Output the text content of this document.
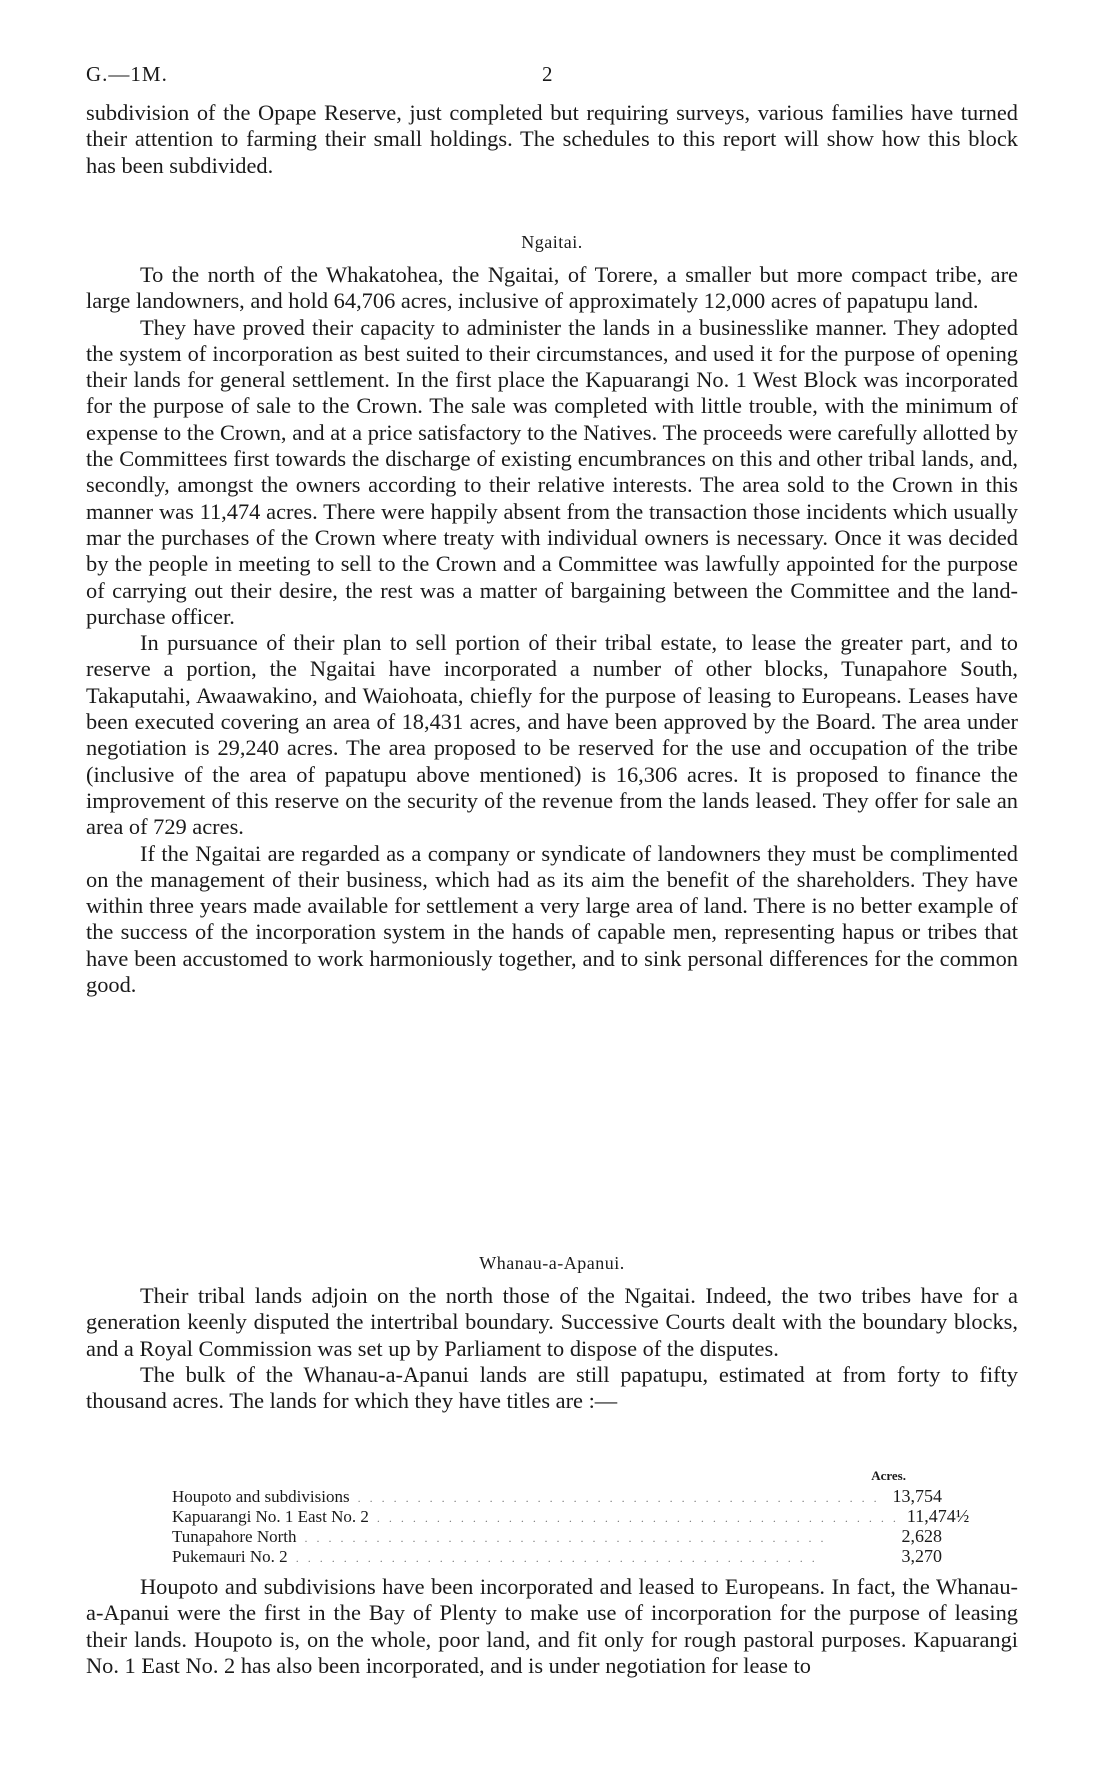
G.—1M.	2

subdivision of the Opape Reserve, just completed but requiring surveys, various families have turned their attention to farming their small holdings. The schedules to this report will show how this block has been subdivided.

Ngaitai.

To the north of the Whakatohea, the Ngaitai, of Torere, a smaller but more compact tribe, are large landowners, and hold 64,706 acres, inclusive of approximately 12,000 acres of papatupu land.

They have proved their capacity to administer the lands in a businesslike manner. They adopted the system of incorporation as best suited to their circumstances, and used it for the purpose of opening their lands for general settlement. In the first place the Kapuarangi No. 1 West Block was incorporated for the purpose of sale to the Crown. The sale was completed with little trouble, with the minimum of expense to the Crown, and at a price satisfactory to the Natives. The proceeds were carefully allotted by the Committees first towards the discharge of existing encumbrances on this and other tribal lands, and, secondly, amongst the owners according to their relative interests. The area sold to the Crown in this manner was 11,474 acres. There were happily absent from the transaction those incidents which usually mar the purchases of the Crown where treaty with individual owners is necessary. Once it was decided by the people in meeting to sell to the Crown and a Committee was lawfully appointed for the purpose of carrying out their desire, the rest was a matter of bargaining between the Committee and the land-purchase officer.

In pursuance of their plan to sell portion of their tribal estate, to lease the greater part, and to reserve a portion, the Ngaitai have incorporated a number of other blocks, Tunapahore South, Takaputahi, Awaawakino, and Waiohoata, chiefly for the purpose of leasing to Europeans. Leases have been executed covering an area of 18,431 acres, and have been approved by the Board. The area under negotiation is 29,240 acres. The area proposed to be reserved for the use and occupation of the tribe (inclusive of the area of papatupu above mentioned) is 16,306 acres. It is proposed to finance the improvement of this reserve on the security of the revenue from the lands leased. They offer for sale an area of 729 acres.

If the Ngaitai are regarded as a company or syndicate of landowners they must be complimented on the management of their business, which had as its aim the benefit of the shareholders. They have within three years made available for settlement a very large area of land. There is no better example of the success of the incorporation system in the hands of capable men, representing hapus or tribes that have been accustomed to work harmoniously together, and to sink personal differences for the common good.

Whanau-a-Apanui.

Their tribal lands adjoin on the north those of the Ngaitai. Indeed, the two tribes have for a generation keenly disputed the intertribal boundary. Successive Courts dealt with the boundary blocks, and a Royal Commission was set up by Parliament to dispose of the disputes.

The bulk of the Whanau-a-Apanui lands are still papatupu, estimated at from forty to fifty thousand acres. The lands for which they have titles are :—

Acres.
Houpoto and subdivisions . . . . . . . . . . . . . . . . . . . . . . . . . . . . . . . . . . . . . . . . . . . . 13,754
Kapuarangi No. 1 East No. 2 . . . . . . . . . . . . . . . . . . . . . . . . . . . . . . . . . . . . . . . . . . . . 11,474½
Tunapahore North . . . . . . . . . . . . . . . . . . . . . . . . . . . . . . . . . . . . . . . . . . . .	2,628
Pukemauri No. 2 . . . . . . . . . . . . . . . . . . . . . . . . . . . . . . . . . . . . . . . . . . . .	3,270

Houpoto and subdivisions have been incorporated and leased to Europeans. In fact, the Whanau-a-Apanui were the first in the Bay of Plenty to make use of incorporation for the purpose of leasing their lands. Houpoto is, on the whole, poor land, and fit only for rough pastoral purposes. Kapuarangi No. 1 East No. 2 has also been incorporated, and is under negotiation for lease to
